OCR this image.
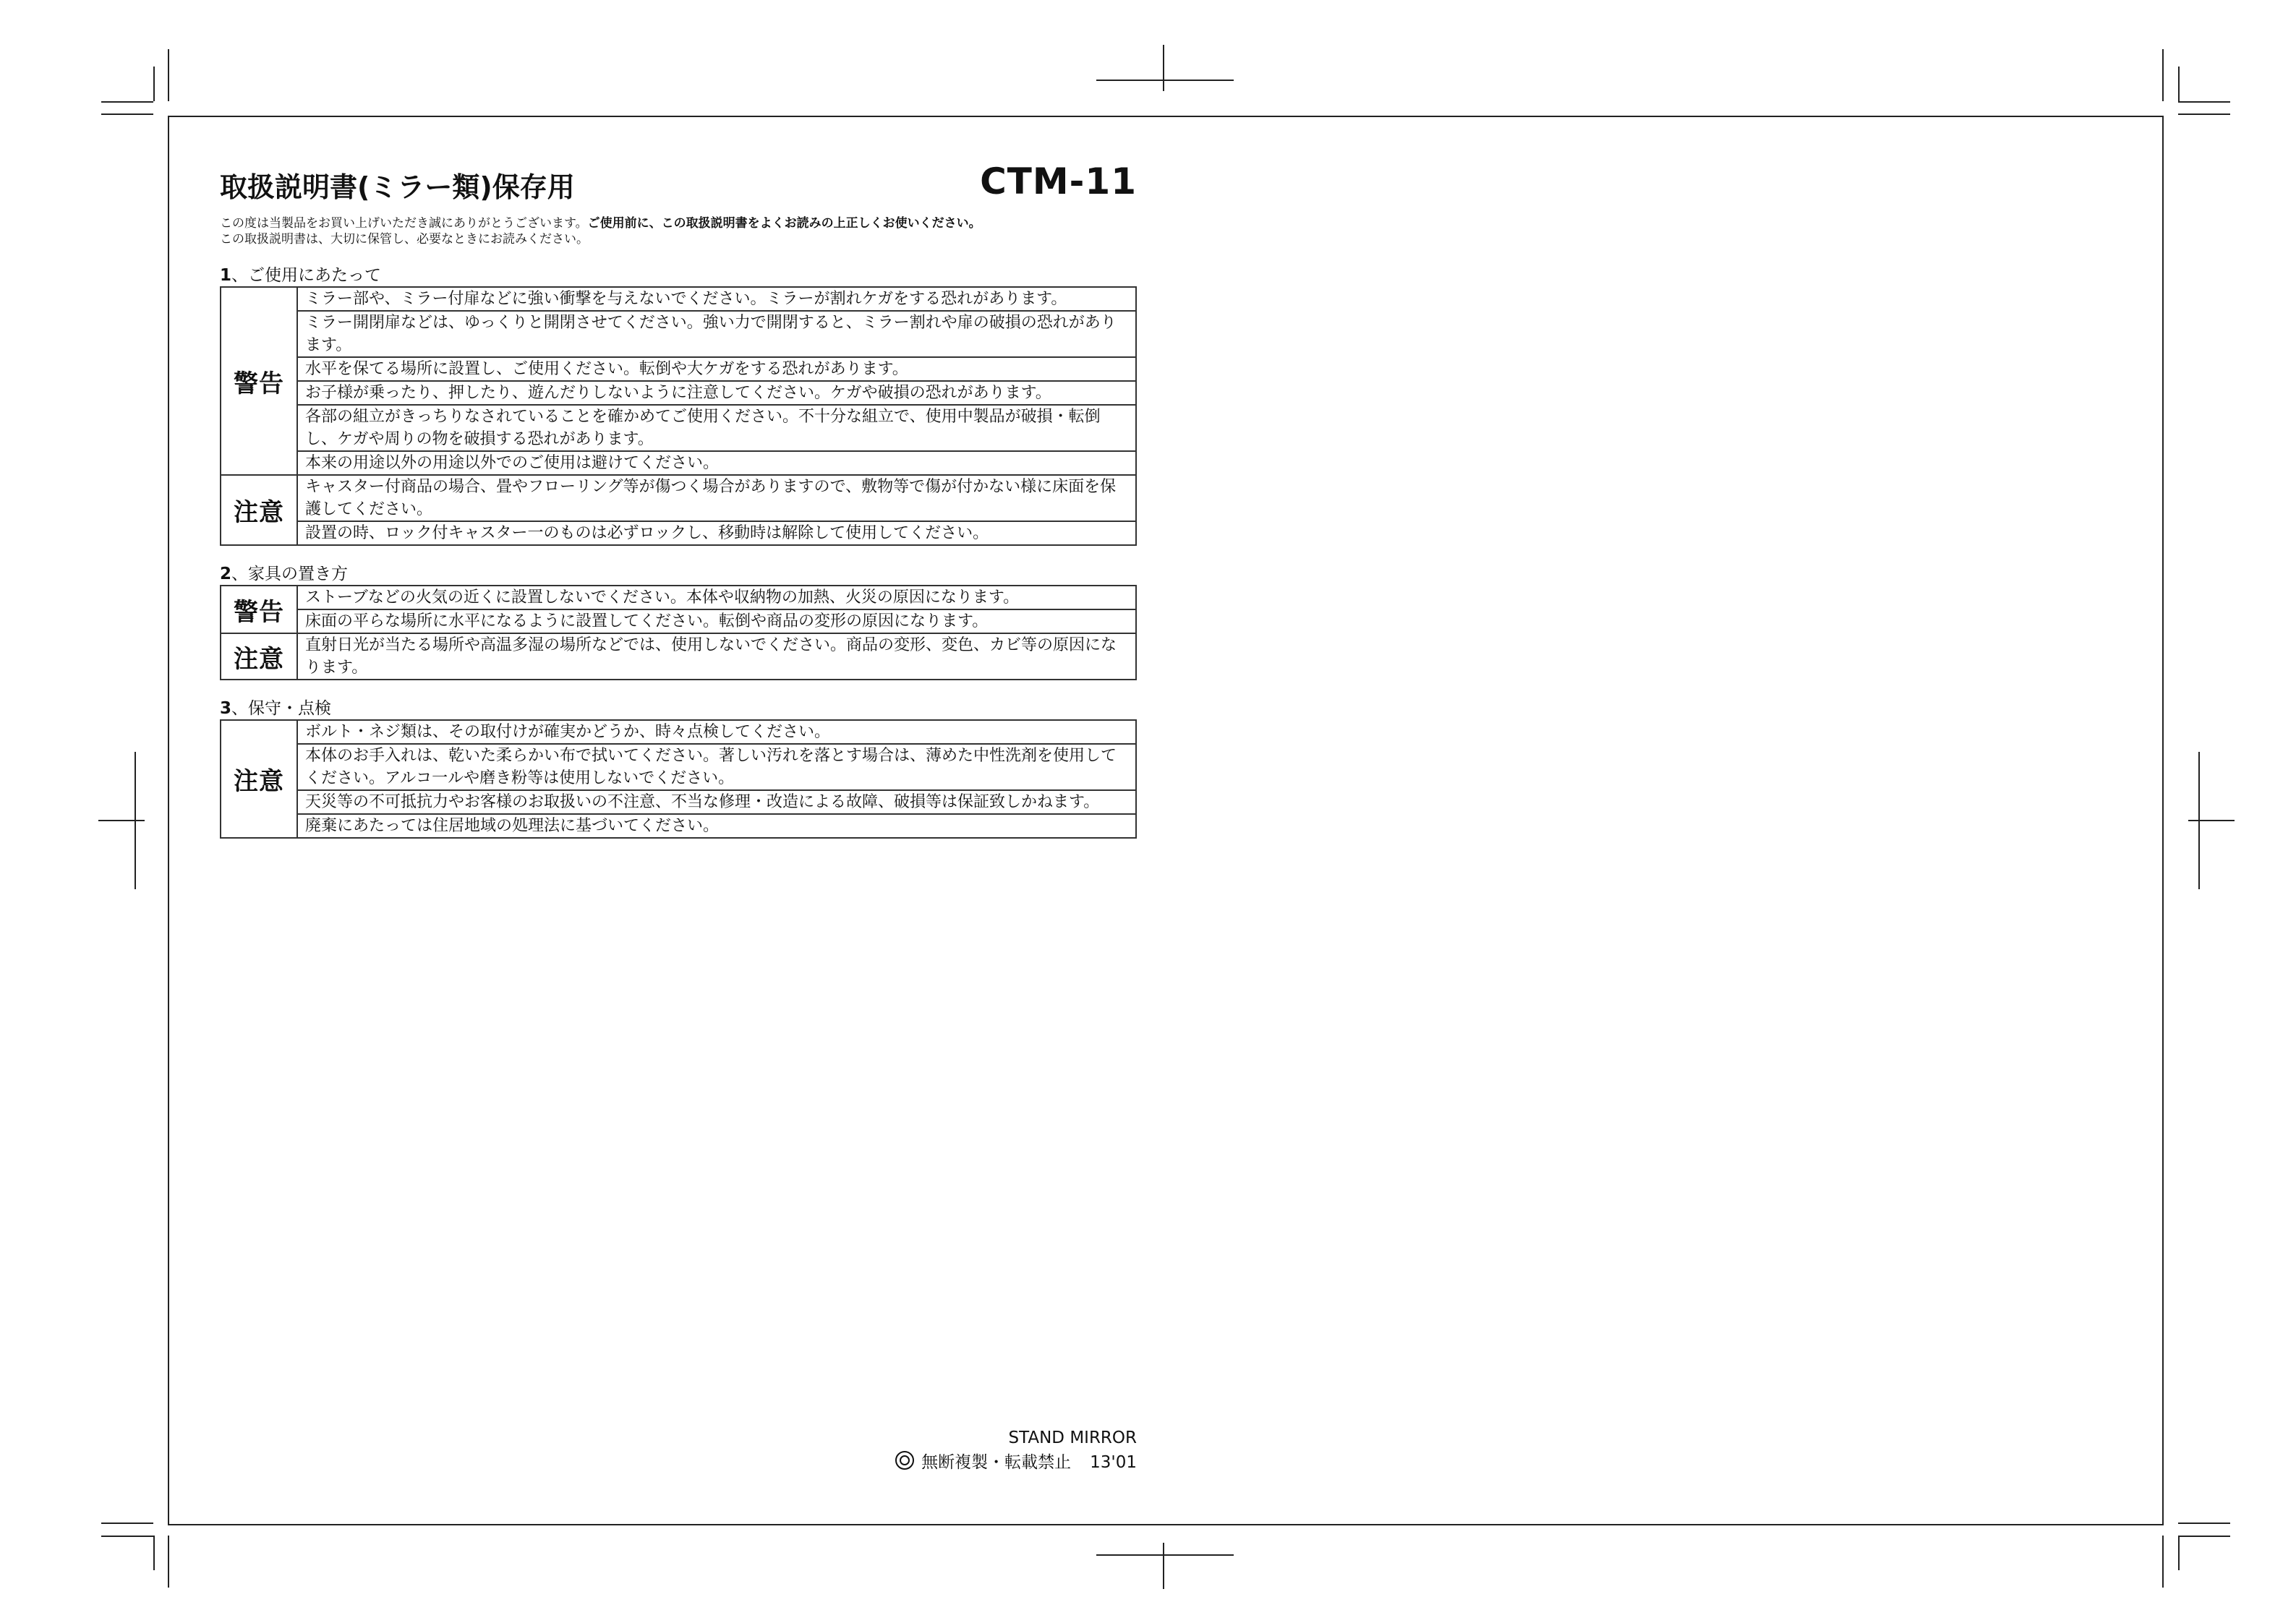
取扱説明書(ミラー類)保存用	CTM-11
この度は当製品をお買い上げいただき誠にありがとうございます。ご使用前に、この取扱説明書をよくお読みの上正しくお使いください。
この取扱説明書は、大切に保管し、必要なときにお読みください。
1、ご使用にあたって
警告	ミラー部や、ミラー付扉などに強い衝撃を与えないでください。ミラーが割れケガをする恐れがあります。
	ミラー開閉扉などは、ゆっくりと開閉させてください。強い力で開閉すると、ミラー割れや扉の破損の恐れがあります。
	水平を保てる場所に設置し、ご使用ください。転倒や大ケガをする恐れがあります。
	お子様が乗ったり、押したり、遊んだりしないように注意してください。ケガや破損の恐れがあります。
	各部の組立がきっちりなされていることを確かめてご使用ください。不十分な組立で、使用中製品が破損・転倒し、ケガや周りの物を破損する恐れがあります。
	本来の用途以外の用途以外でのご使用は避けてください。
注意	キャスター付商品の場合、畳やフローリング等が傷つく場合がありますので、敷物等で傷が付かない様に床面を保護してください。
	設置の時、ロック付キャスター一のものは必ずロックし、移動時は解除して使用してください。
2、家具の置き方
警告	ストーブなどの火気の近くに設置しないでください。本体や収納物の加熱、火災の原因になります。
	床面の平らな場所に水平になるように設置してください。転倒や商品の変形の原因になります。
注意	直射日光が当たる場所や高温多湿の場所などでは、使用しないでください。商品の変形、変色、カビ等の原因になります。
3、保守・点検
注意	ボルト・ネジ類は、その取付けが確実かどうか、時々点検してください。
本体のお手入れは、乾いた柔らかい布で拭いてください。著しい汚れを落とす場合は、薄めた中性洗剤を使用してください。アルコ一ルや磨き粉等は使用しないでください。
天災等の不可抵抗力やお客様のお取扱いの不注意、不当な修理・改造による故障、破損等は保証致しかねます。
廃棄にあたっては住居地域の処理法に基づいてください。
STAND MIRROR
無断複製・転載禁止 13'01
